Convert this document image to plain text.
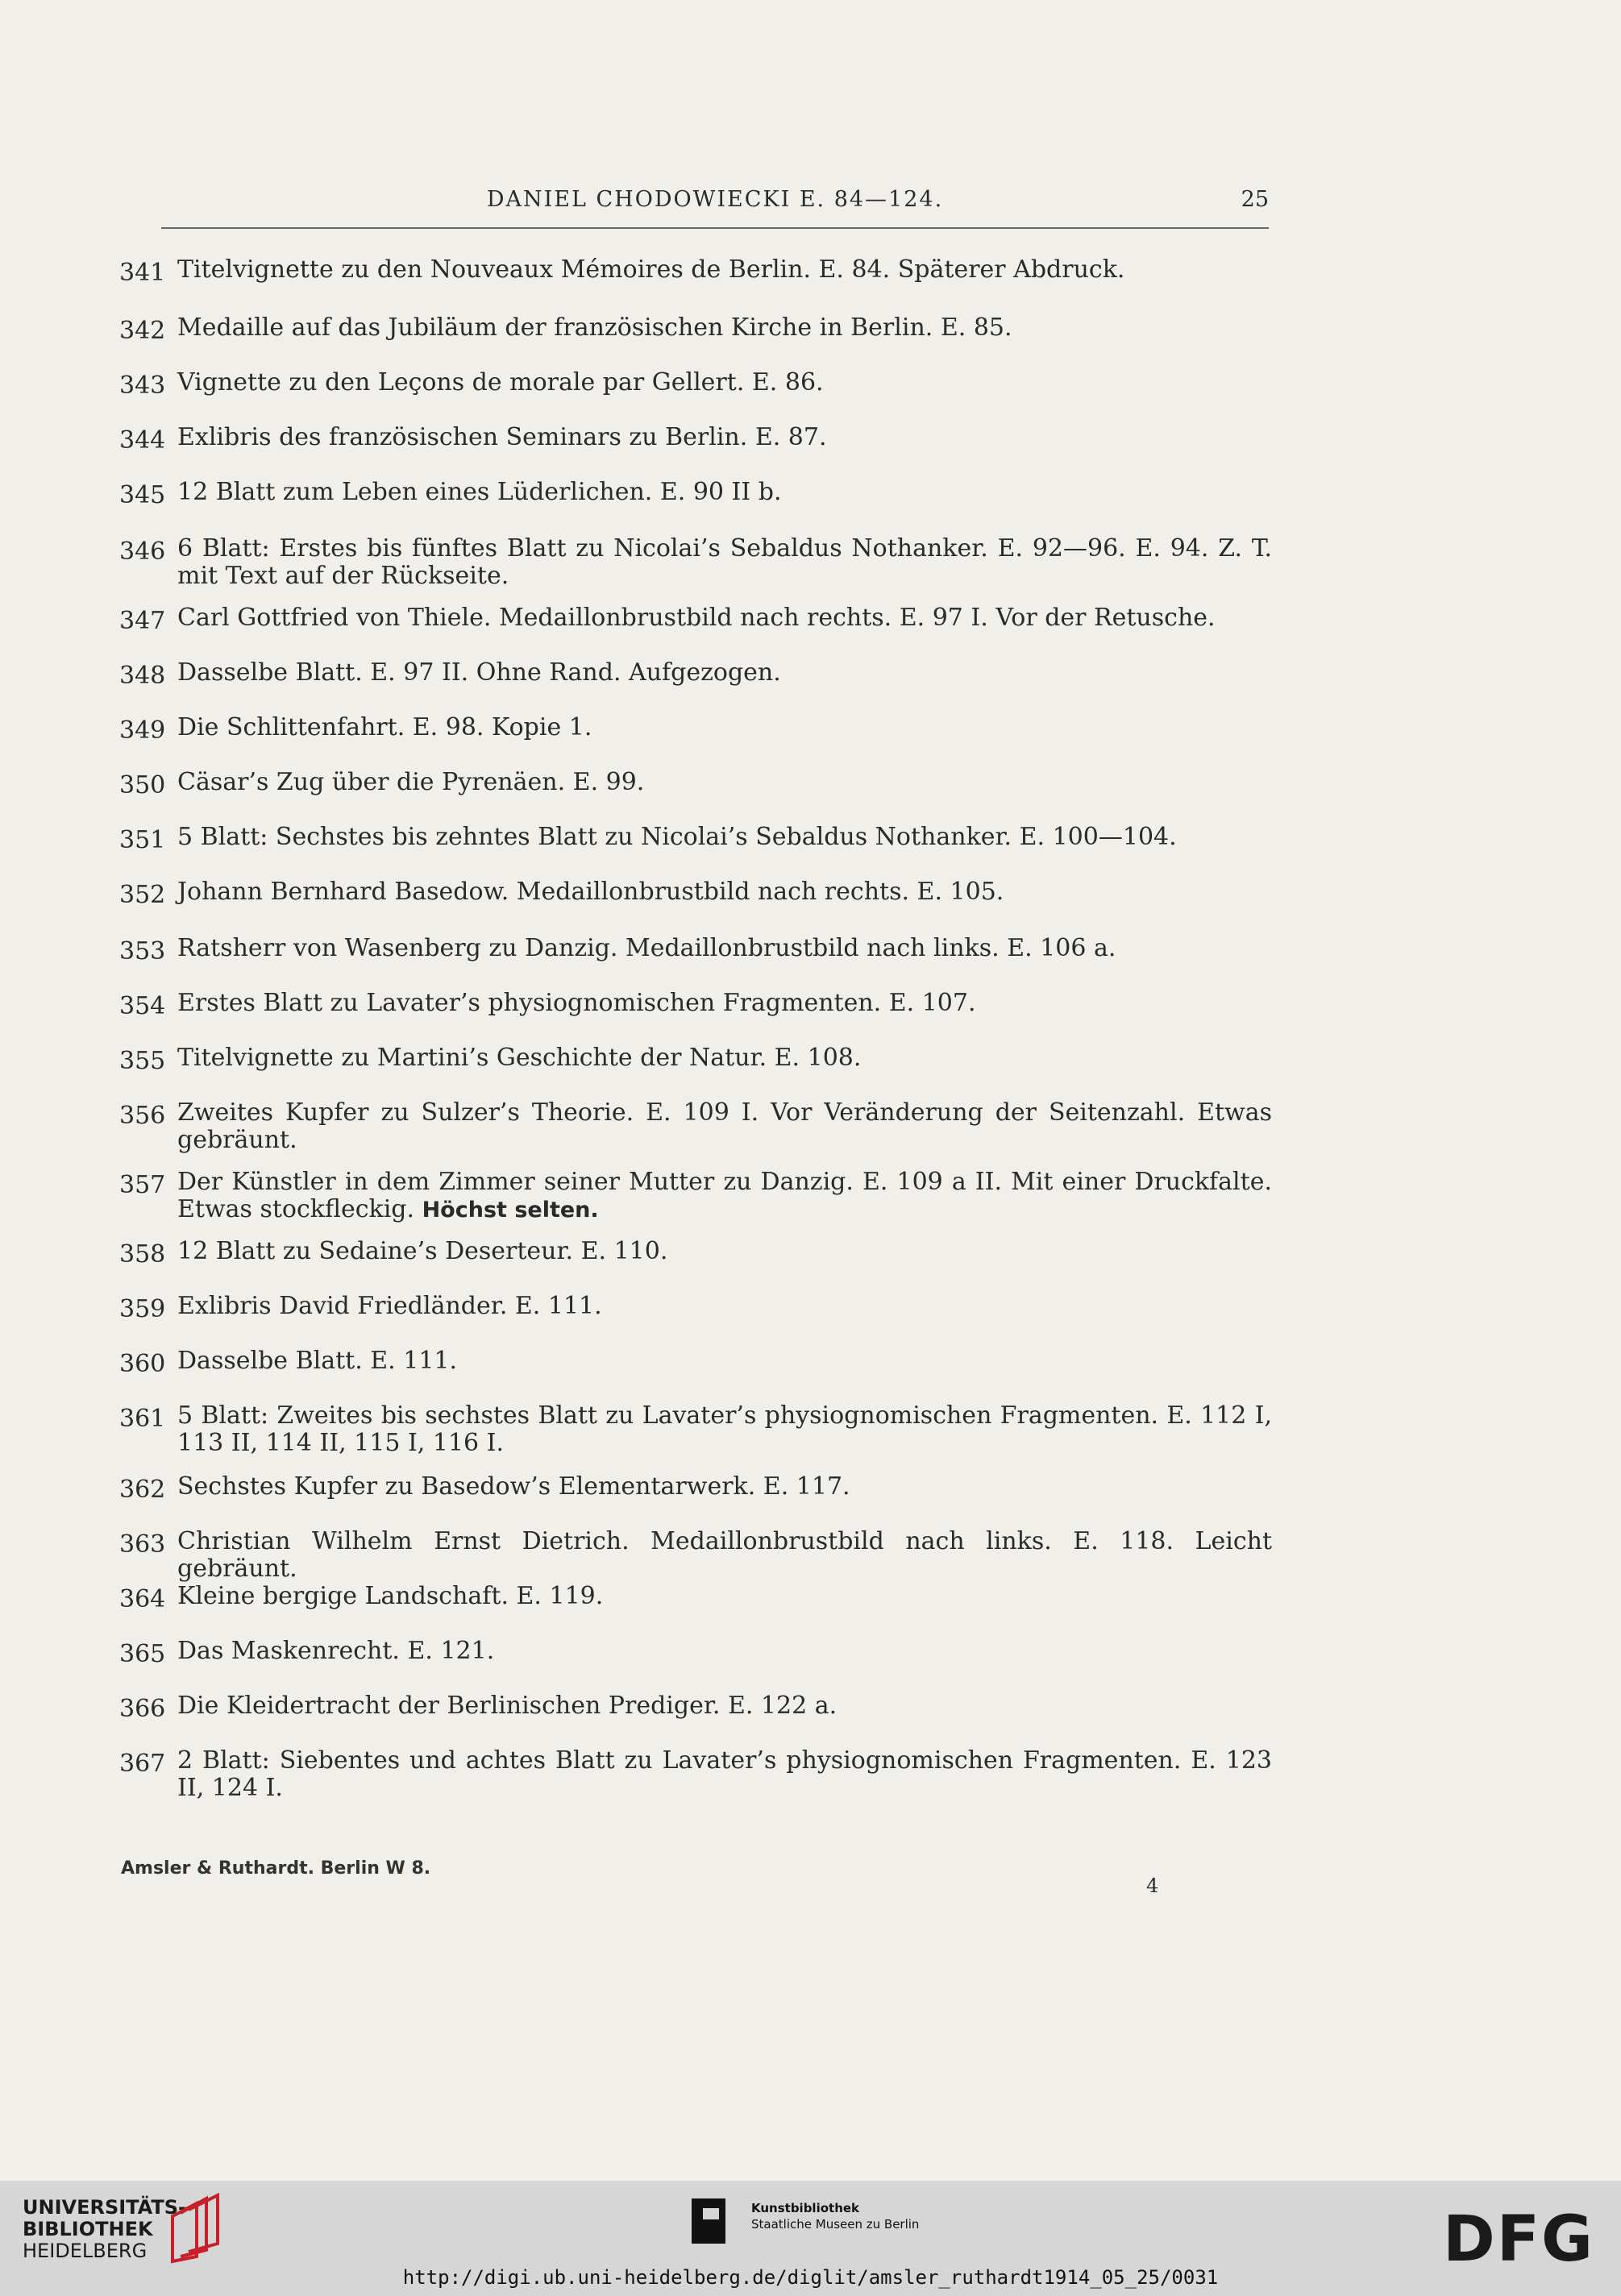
DANIEL CHODOWIECKI E. 84—124.	25
341 Titelvignette zu den Nouveaux Mémoires de Berlin. E. 84. Späterer Abdruck.
342 Medaille auf das Jubiläum der französischen Kirche in Berlin. E. 85.
343 Vignette zu den Leçons de morale par Gellert. E. 86.
344 Exlibris des französischen Seminars zu Berlin. E. 87.
345 12 Blatt zum Leben eines Lüderlichen. E. 90 II b.
346 6 Blatt: Erstes bis fünftes Blatt zu Nicolai’s Sebaldus Nothanker. E. 92—96. E. 94. Z. T. mit Text auf der Rückseite.
347 Carl Gottfried von Thiele. Medaillonbrustbild nach rechts. E. 97 I. Vor der Retusche.
348 Dasselbe Blatt. E. 97 II. Ohne Rand. Aufgezogen.
349 Die Schlittenfahrt. E. 98. Kopie 1.
350 Cäsar’s Zug über die Pyrenäen. E. 99.
351 5 Blatt: Sechstes bis zehntes Blatt zu Nicolai’s Sebaldus Nothanker. E. 100—104.
352 Johann Bernhard Basedow. Medaillonbrustbild nach rechts. E. 105.
353 Ratsherr von Wasenberg zu Danzig. Medaillonbrustbild nach links. E. 106 a.
354 Erstes Blatt zu Lavater’s physiognomischen Fragmenten. E. 107.
355 Titelvignette zu Martini’s Geschichte der Natur. E. 108.
356 Zweites Kupfer zu Sulzer’s Theorie. E. 109 I. Vor Veränderung der Seitenzahl. Etwas gebräunt.
357 Der Künstler in dem Zimmer seiner Mutter zu Danzig. E. 109 a II. Mit einer Druckfalte. Etwas stockfleckig. Höchst selten.
358 12 Blatt zu Sedaine’s Deserteur. E. 110.
359 Exlibris David Friedländer. E. 111.
360 Dasselbe Blatt. E. 111.
361 5 Blatt: Zweites bis sechstes Blatt zu Lavater’s physiognomischen Fragmenten. E. 112 I, 113 II, 114 II, 115 I, 116 I.
362 Sechstes Kupfer zu Basedow’s Elementarwerk. E. 117.
363 Christian Wilhelm Ernst Dietrich. Medaillonbrustbild nach links. E. 118. Leicht gebräunt.
364 Kleine bergige Landschaft. E. 119.
365 Das Maskenrecht. E. 121.
366 Die Kleidertracht der Berlinischen Prediger. E. 122 a.
367 2 Blatt: Siebentes und achtes Blatt zu Lavater’s physiognomischen Fragmenten. E. 123 II, 124 I.
Amsler & Ruthardt. Berlin W 8.
4
UNIVERSITÄTS-
BIBLIOTHEK
HEIDELBERG
Kunstbibliothek
Staatliche Museen zu Berlin	DFG
http://digi.ub.uni-heidelberg.de/diglit/amsler_ruthardt1914_05_25/0031
